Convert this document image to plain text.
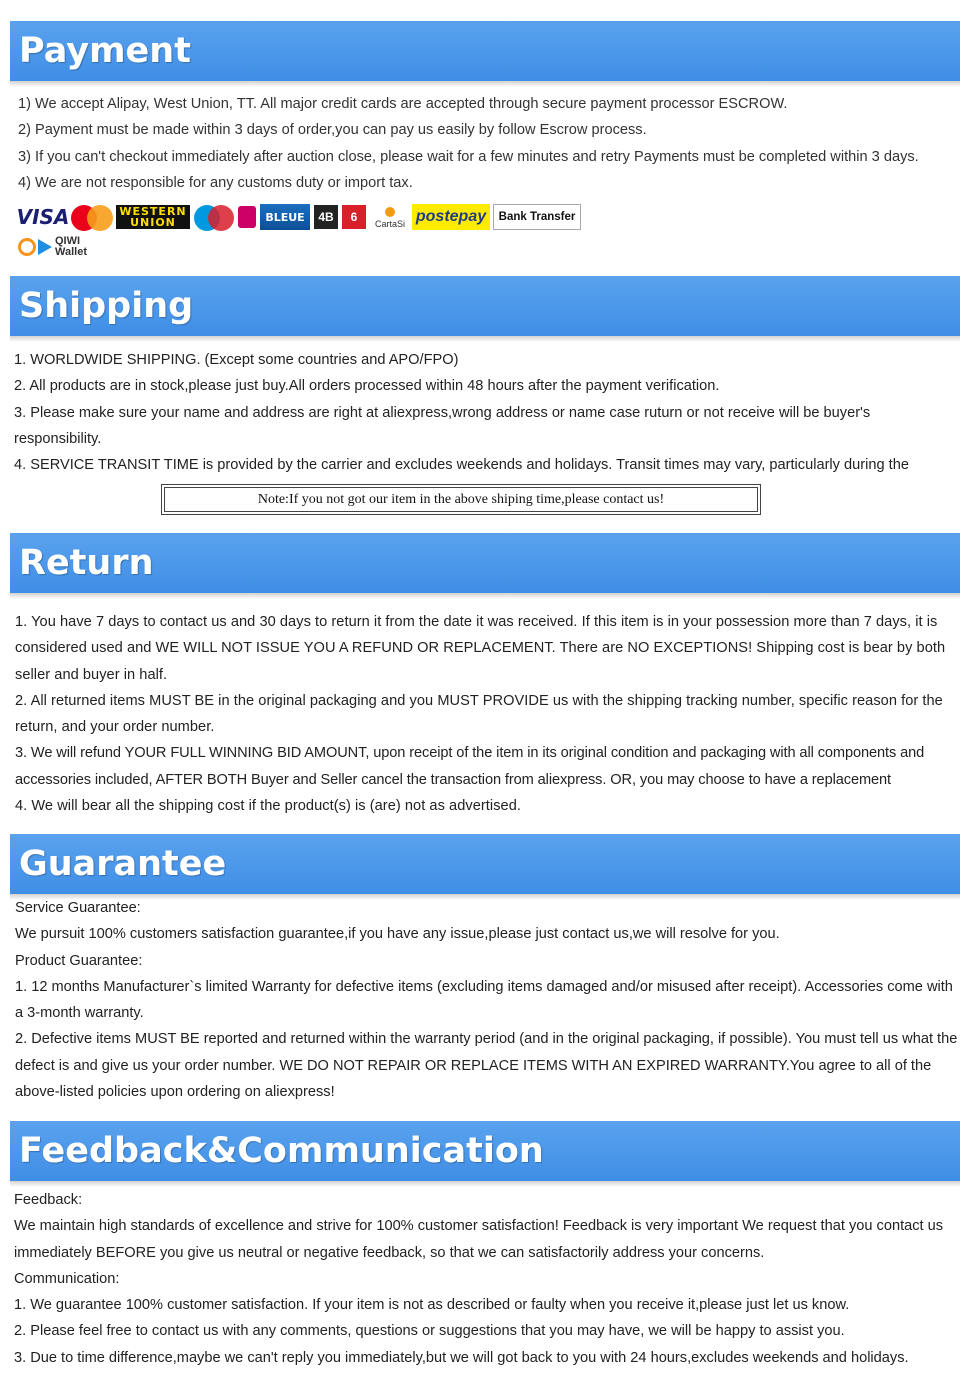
Payment
1) We accept Alipay, West Union, TT. All major credit cards are accepted through secure payment processor ESCROW.
2) Payment must be made within 3 days of order,you can pay us easily by follow Escrow process.
3) If you can't checkout immediately after auction close, please wait for a few minutes and retry Payments must be completed within 3 days.
4) We are not responsible for any customs duty or import tax.
VISA	WESTERN
UNION	BLEUE	4B	6	CartaSi postepay	Bank Transfer
QIWI
Wallet
Shipping

1. WORLDWIDE SHIPPING. (Except some countries and APO/FPO)

2. All products are in stock,please just buy.All orders processed within 48 hours after the payment verification.

3. Please make sure your name and address are right at aliexpress,wrong address or name case ruturn or not receive will be buyer's responsibility.

4. SERVICE TRANSIT TIME is provided by the carrier and excludes weekends and holidays. Transit times may vary, particularly during the

Note:If you not got our item in the above shiping time,please contact us!
Return

1. You have 7 days to contact us and 30 days to return it from the date it was received. If this item is in your possession more than 7 days, it is considered used and WE WILL NOT ISSUE YOU A REFUND OR REPLACEMENT. There are NO EXCEPTIONS! Shipping cost is bear by both seller and buyer in half.

2. All returned items MUST BE in the original packaging and you MUST PROVIDE us with the shipping tracking number, specific reason for the return, and your order number.

3. We will refund YOUR FULL WINNING BID AMOUNT, upon receipt of the item in its original condition and packaging with all components and accessories included, AFTER BOTH Buyer and Seller cancel the transaction from aliexpress. OR, you may choose to have a replacement

4. We will bear all the shipping cost if the product(s) is (are) not as advertised.

Guarantee

Service Guarantee:

We pursuit 100% customers satisfaction guarantee,if you have any issue,please just contact us,we will resolve for you.

Product Guarantee:

1. 12 months Manufacturer`s limited Warranty for defective items (excluding items damaged and/or misused after receipt). Accessories come with a 3-month warranty.

2. Defective items MUST BE reported and returned within the warranty period (and in the original packaging, if possible). You must tell us what the defect is and give us your order number. WE DO NOT REPAIR OR REPLACE ITEMS WITH AN EXPIRED WARRANTY.You agree to all of the above-listed policies upon ordering on aliexpress!

Feedback&Communication

Feedback:

We maintain high standards of excellence and strive for 100% customer satisfaction! Feedback is very important We request that you contact us immediately BEFORE you give us neutral or negative feedback, so that we can satisfactorily address your concerns.

Communication:

1. We guarantee 100% customer satisfaction. If your item is not as described or faulty when you receive it,please just let us know.

2. Please feel free to contact us with any comments, questions or suggestions that you may have, we will be happy to assist you.

3. Due to time difference,maybe we can't reply you immediately,but we will got back to you with 24 hours,excludes weekends and holidays.
